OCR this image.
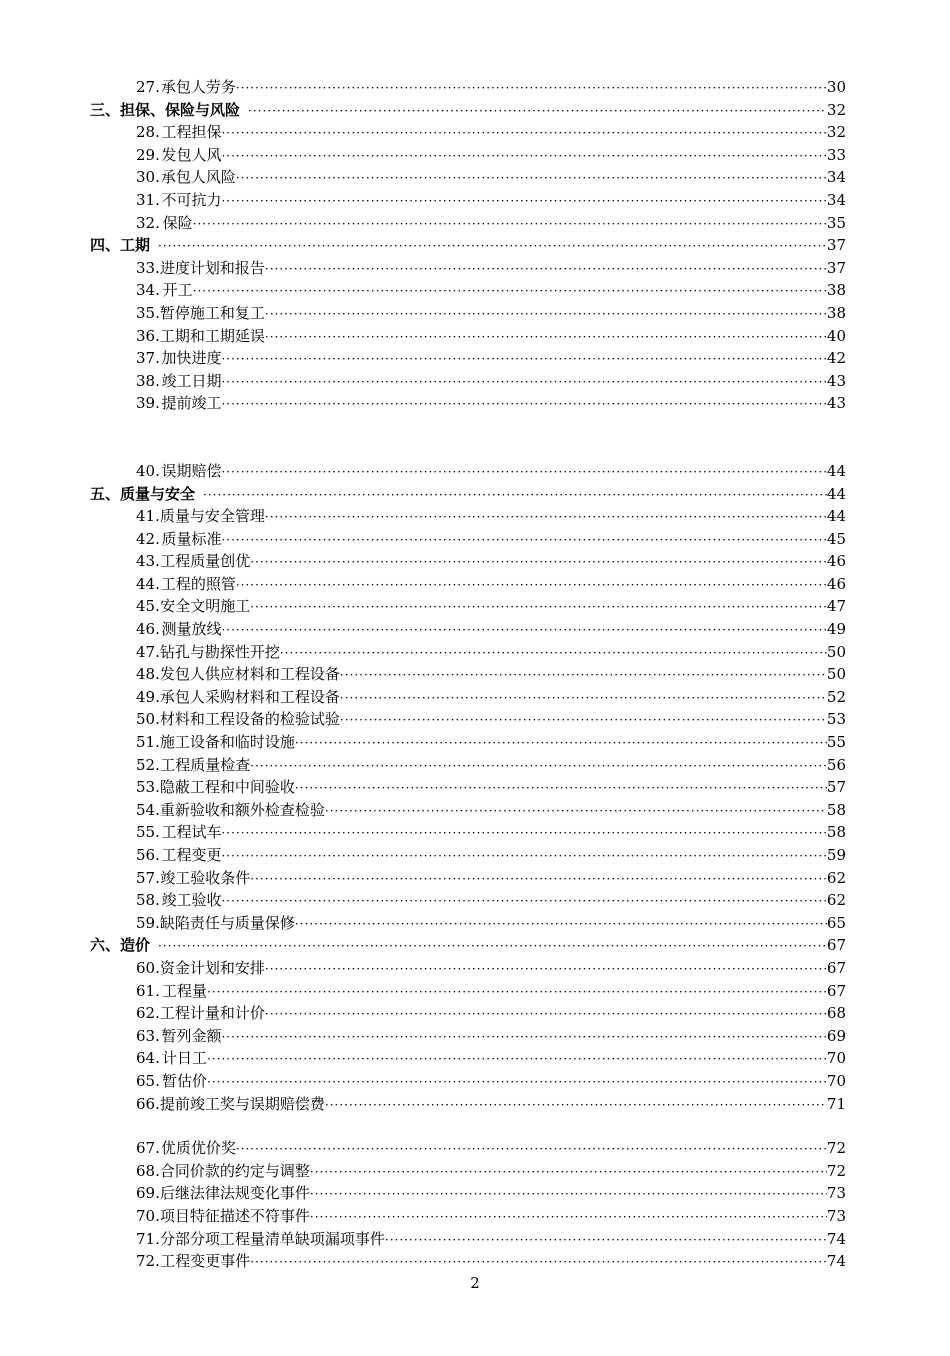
27. 承包人劳务 ·····	30
三、担保、保险与风险 ·····	32
28. 工程担保 ·····	32
29. 发包人风 ·····	33
30. 承包人风险 ·····	34
31. 不可抗力 ·····	34
32. 保险 ·····	35
四、工期 ·····	37
33. 进度计划和报告 ·····	37
34. 开工 ·····	38
35. 暂停施工和复工 ·····	38
36. 工期和工期延误 ·····	40
37. 加快进度 ·····	42
38. 竣工日期 ·····	43
39. 提前竣工 ·····	43
40. 误期赔偿 ·····	44
五、质量与安全 ·····	44
41. 质量与安全管理 ·····	44
42. 质量标准 ·····	45
43. 工程质量创优 ·····	46
44. 工程的照管 ·····	46
45. 安全文明施工 ·····	47
46. 测量放线 ·····	49
47. 钻孔与勘探性开挖 ·····	50
48. 发包人供应材料和工程设备 ·····	50
49. 承包人采购材料和工程设备 ·····	52
50. 材料和工程设备的检验试验 ·····	53
51. 施工设备和临时设施 ·····	55
52. 工程质量检查 ·····	56
53. 隐蔽工程和中间验收 ·····	57
54. 重新验收和额外检查检验 ·····	58
55. 工程试车 ·····	58
56. 工程变更 ·····	59
57. 竣工验收条件 ·····	62
58. 竣工验收 ·····	62
59. 缺陷责任与质量保修 ·····	65
六、造价 ·····	67
60. 资金计划和安排 ·····	67
61. 工程量 ·····	67
62. 工程计量和计价 ·····	68
63. 暂列金额 ·····	69
64. 计日工 ·····	70
65. 暂估价 ·····	70
66. 提前竣工奖与误期赔偿费 ·····	71
67. 优质优价奖 ·····	72
68. 合同价款的约定与调整 ·····	72
69. 后继法律法规变化事件 ·····	73
70. 项目特征描述不符事件 ·····	73
71. 分部分项工程量清单缺项漏项事件 ·····	74
72. 工程变更事件 ·····	74
2
